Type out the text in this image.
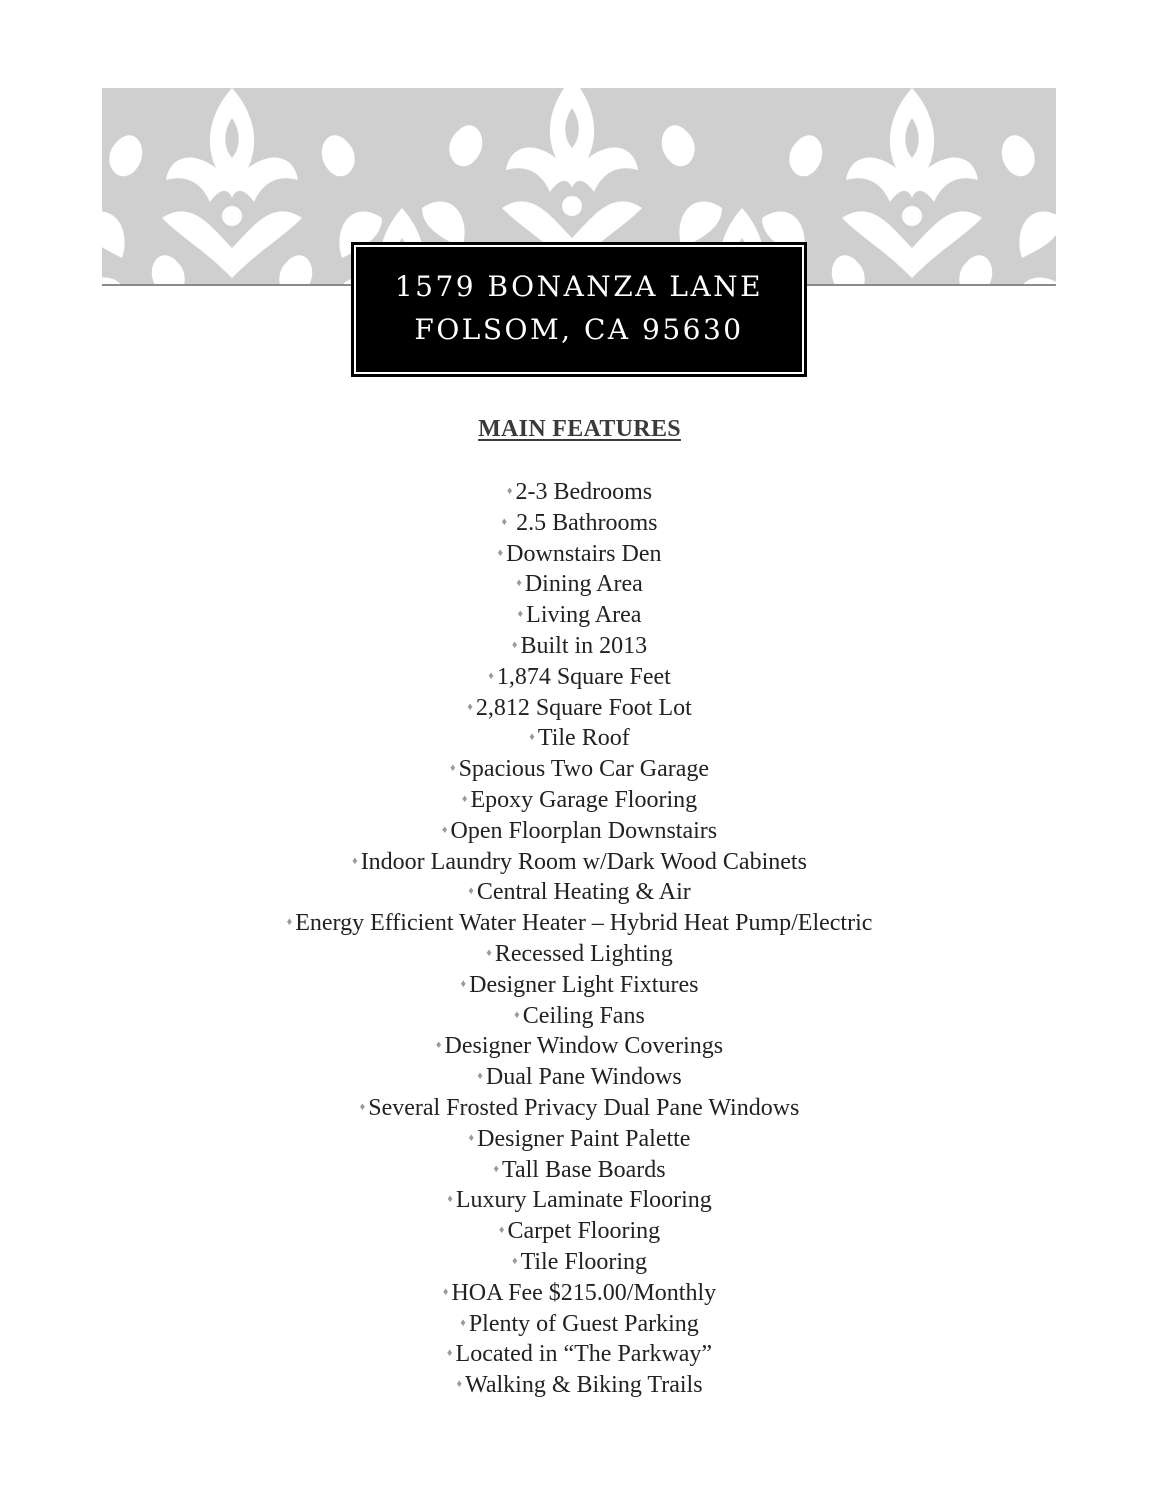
1579 BONANZA LANE
FOLSOM, CA 95630
MAIN FEATURES
♦ 2-3 Bedrooms
♦ 2.5 Bathrooms
♦ Downstairs Den
♦ Dining Area
♦ Living Area
♦ Built in 2013
♦ 1,874 Square Feet
♦ 2,812 Square Foot Lot
♦ Tile Roof
♦ Spacious Two Car Garage
♦ Epoxy Garage Flooring
♦ Open Floorplan Downstairs
♦ Indoor Laundry Room w/Dark Wood Cabinets
♦ Central Heating & Air
♦ Energy Efficient Water Heater – Hybrid Heat Pump/Electric
♦ Recessed Lighting
♦ Designer Light Fixtures
♦ Ceiling Fans
♦ Designer Window Coverings
♦ Dual Pane Windows
♦ Several Frosted Privacy Dual Pane Windows
♦ Designer Paint Palette
♦ Tall Base Boards
♦ Luxury Laminate Flooring
♦ Carpet Flooring
♦ Tile Flooring
♦ HOA Fee $215.00/Monthly
♦ Plenty of Guest Parking
♦ Located in “The Parkway”
♦ Walking & Biking Trails
